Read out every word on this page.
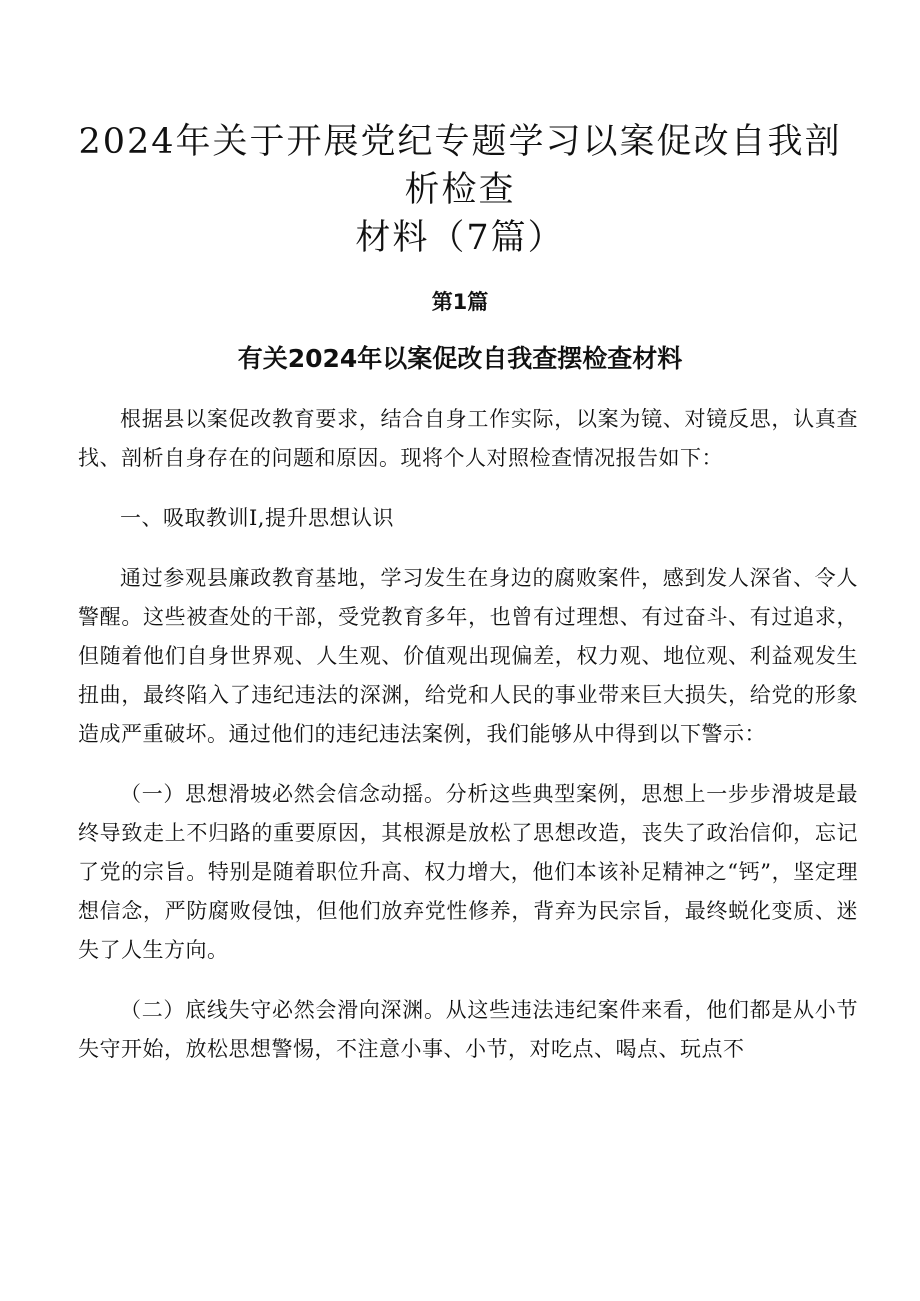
2024年关于开展党纪专题学习以案促改自我剖析检查
材料（7篇）
第1篇
有关2024年以案促改自我查摆检查材料

根据县以案促改教育要求，结合自身工作实际，以案为镜、对镜反思，认真查找、剖析自身存在的问题和原因。现将个人对照检查情况报告如下：

一、吸取教训I,提升思想认识

通过参观县廉政教育基地，学习发生在身边的腐败案件，感到发人深省、令人警醒。这些被查处的干部，受党教育多年，也曾有过理想、有过奋斗、有过追求，但随着他们自身世界观、人生观、价值观出现偏差，权力观、地位观、利益观发生扭曲，最终陷入了违纪违法的深渊，给党和人民的事业带来巨大损失，给党的形象造成严重破坏。通过他们的违纪违法案例，我们能够从中得到以下警示：

（一）思想滑坡必然会信念动摇。分析这些典型案例，思想上一步步滑坡是最终导致走上不归路的重要原因，其根源是放松了思想改造，丧失了政治信仰，忘记了党的宗旨。特别是随着职位升高、权力增大，他们本该补足精神之“钙”，坚定理想信念，严防腐败侵蚀，但他们放弃党性修养，背弃为民宗旨，最终蜕化变质、迷失了人生方向。

（二）底线失守必然会滑向深渊。从这些违法违纪案件来看，他们都是从小节失守开始，放松思想警惕，不注意小事、小节，对吃点、喝点、玩点不
